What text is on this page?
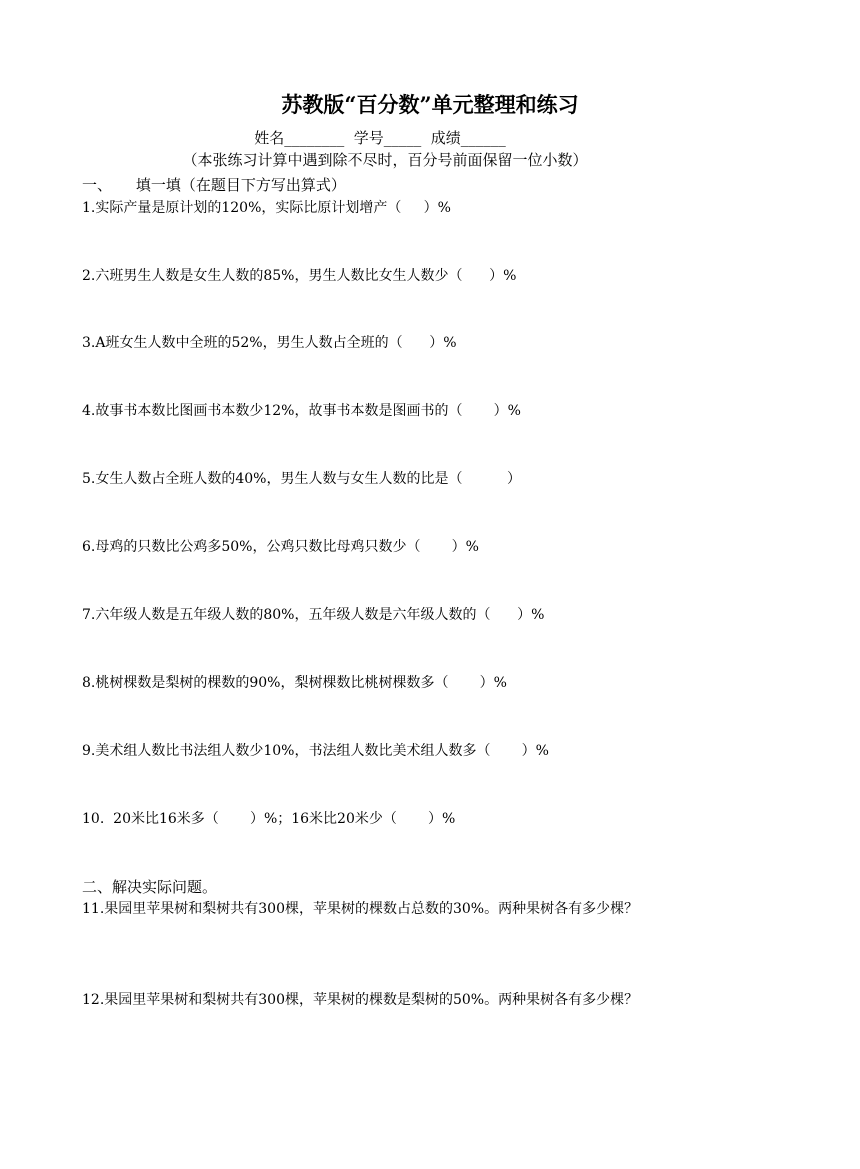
苏教版“百分数”单元整理和练习
姓名________  学号_____  成绩______
（本张练习计算中遇到除不尽时，百分号前面保留一位小数）
一、     填一填（在题目下方写出算式）
1.实际产量是原计划的120%，实际比原计划增产（     ）%
2.六班男生人数是女生人数的85%，男生人数比女生人数少（      ）%
3.A班女生人数中全班的52%，男生人数占全班的（      ）%
4.故事书本数比图画书本数少12%，故事书本数是图画书的（       ）%
5.女生人数占全班人数的40%，男生人数与女生人数的比是（          ）
6.母鸡的只数比公鸡多50%，公鸡只数比母鸡只数少（       ）%
7.六年级人数是五年级人数的80%，五年级人数是六年级人数的（      ）%
8.桃树棵数是梨树的棵数的90%，梨树棵数比桃树棵数多（       ）%
9.美术组人数比书法组人数少10%，书法组人数比美术组人数多（       ）%
10.  20米比16米多（       ）%；16米比20米少（       ）%
二、解决实际问题。
11.果园里苹果树和梨树共有300棵，苹果树的棵数占总数的30%。两种果树各有多少棵？
12.果园里苹果树和梨树共有300棵，苹果树的棵数是梨树的50%。两种果树各有多少棵？
